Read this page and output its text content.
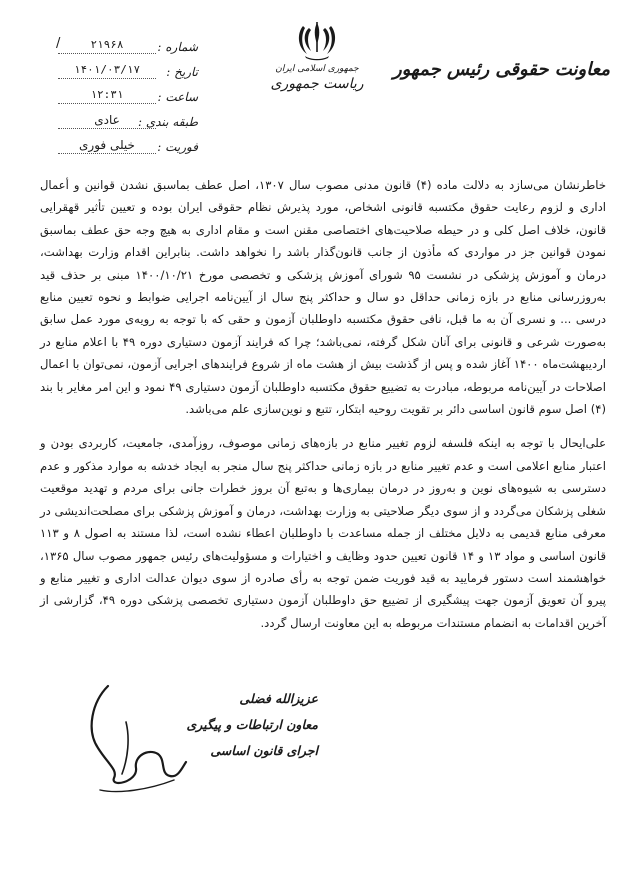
معاونت حقوقی رئیس جمهور
جمهوری اسلامی ایران
ریاست جمهوری
شماره :
۲۱۹۶۸
/
تاریخ :
۱۴۰۱/۰۳/۱۷
ساعت :
۱۲:۳۱
طبقه بندی :
عادی
فوریت :
خیلی فوری

خاطرنشان می‌سازد به دلالت ماده (۴) قانون مدنی مصوب سال ۱۳۰۷، اصل عطف بماسبق نشدن قوانین و أعمال اداری و لزوم رعایت حقوق مکتسبه قانونی اشخاص، مورد پذیرش نظام حقوقی ایران بوده و تعیین تأثیر قهقرایی قانون، خلاف اصل کلی و در حیطه صلاحیت‌های اختصاصی مقنن است و مقام اداری به هیچ وجه حق عطف بماسبق نمودن قوانین جز در مواردی که مأذون از جانب قانون‌گذار باشد را نخواهد داشت. بنابراین اقدام وزارت بهداشت، درمان و آموزش پزشکی در نشست ۹۵ شورای آموزش پزشکی و تخصصی مورخ ۱۴۰۰/۱۰/۲۱ مبنی بر حذف قید به‌روزرسانی منابع در بازه زمانی حداقل دو سال و حداکثر پنج سال از آیین‌نامه اجرایی ضوابط و نحوه تعیین منابع درسی ... و نسری آن به ما قبل، نافی حقوق مکتسبه داوطلبان آزمون و حقی که با توجه به رویه‌ی مورد عمل سابق به‌صورت شرعی و قانونی برای آنان شکل گرفته، نمی‌باشد؛ چرا که فرایند آزمون دستیاری دوره ۴۹ با اعلام منابع در اردیبهشت‌ماه ۱۴۰۰ آغاز شده و پس از گذشت بیش از هشت ماه از شروع فرایندهای اجرایی آزمون، نمی‌توان با اعمال اصلاحات در آیین‌نامه مربوطه، مبادرت به تضییع حقوق مکتسبه داوطلبان آزمون دستیاری ۴۹ نمود و این امر مغایر با بند (۴) اصل سوم قانون اساسی دائر بر تقویت روحیه ابتکار، تتبع و نوین‌سازی علم می‌باشد.

علی‌ایحال با توجه به اینکه فلسفه لزوم تغییر منابع در بازه‌های زمانی موصوف، روزآمدی، جامعیت، کاربردی بودن و اعتبار منابع اعلامی است و عدم تغییر منابع در بازه زمانی حداکثر پنج سال منجر به ایجاد خدشه به موارد مذکور و عدم دسترسی به شیوه‌های نوین و به‌روز در درمان بیماری‌ها و به‌تبع آن بروز خطرات جانی برای مردم و تهدید موقعیت شغلی پزشکان می‌گردد و از سوی دیگر صلاحیتی به وزارت بهداشت، درمان و آموزش پزشکی برای مصلحت‌اندیشی در معرفی منابع قدیمی به دلایل مختلف از جمله مساعدت با داوطلبان اعطاء نشده است، لذا مستند به اصول ۸ و ۱۱۳ قانون اساسی و مواد ۱۳ و ۱۴ قانون تعیین حدود وظایف و اختیارات و مسؤولیت‌های رئیس جمهور مصوب سال ۱۳۶۵، خواهشمند است دستور فرمایید به قید فوریت ضمن توجه به رأی صادره از سوی دیوان عدالت اداری و تغییر منابع و پیرو آن تعویق آزمون جهت پیشگیری از تضییع حق داوطلبان آزمون دستیاری تخصصی پزشکی دوره ۴۹، گزارشی از آخرین اقدامات به انضمام مستندات مربوطه به این معاونت ارسال گردد.

عزیزالله فضلی
معاون ارتباطات و پیگیری
اجرای قانون اساسی
